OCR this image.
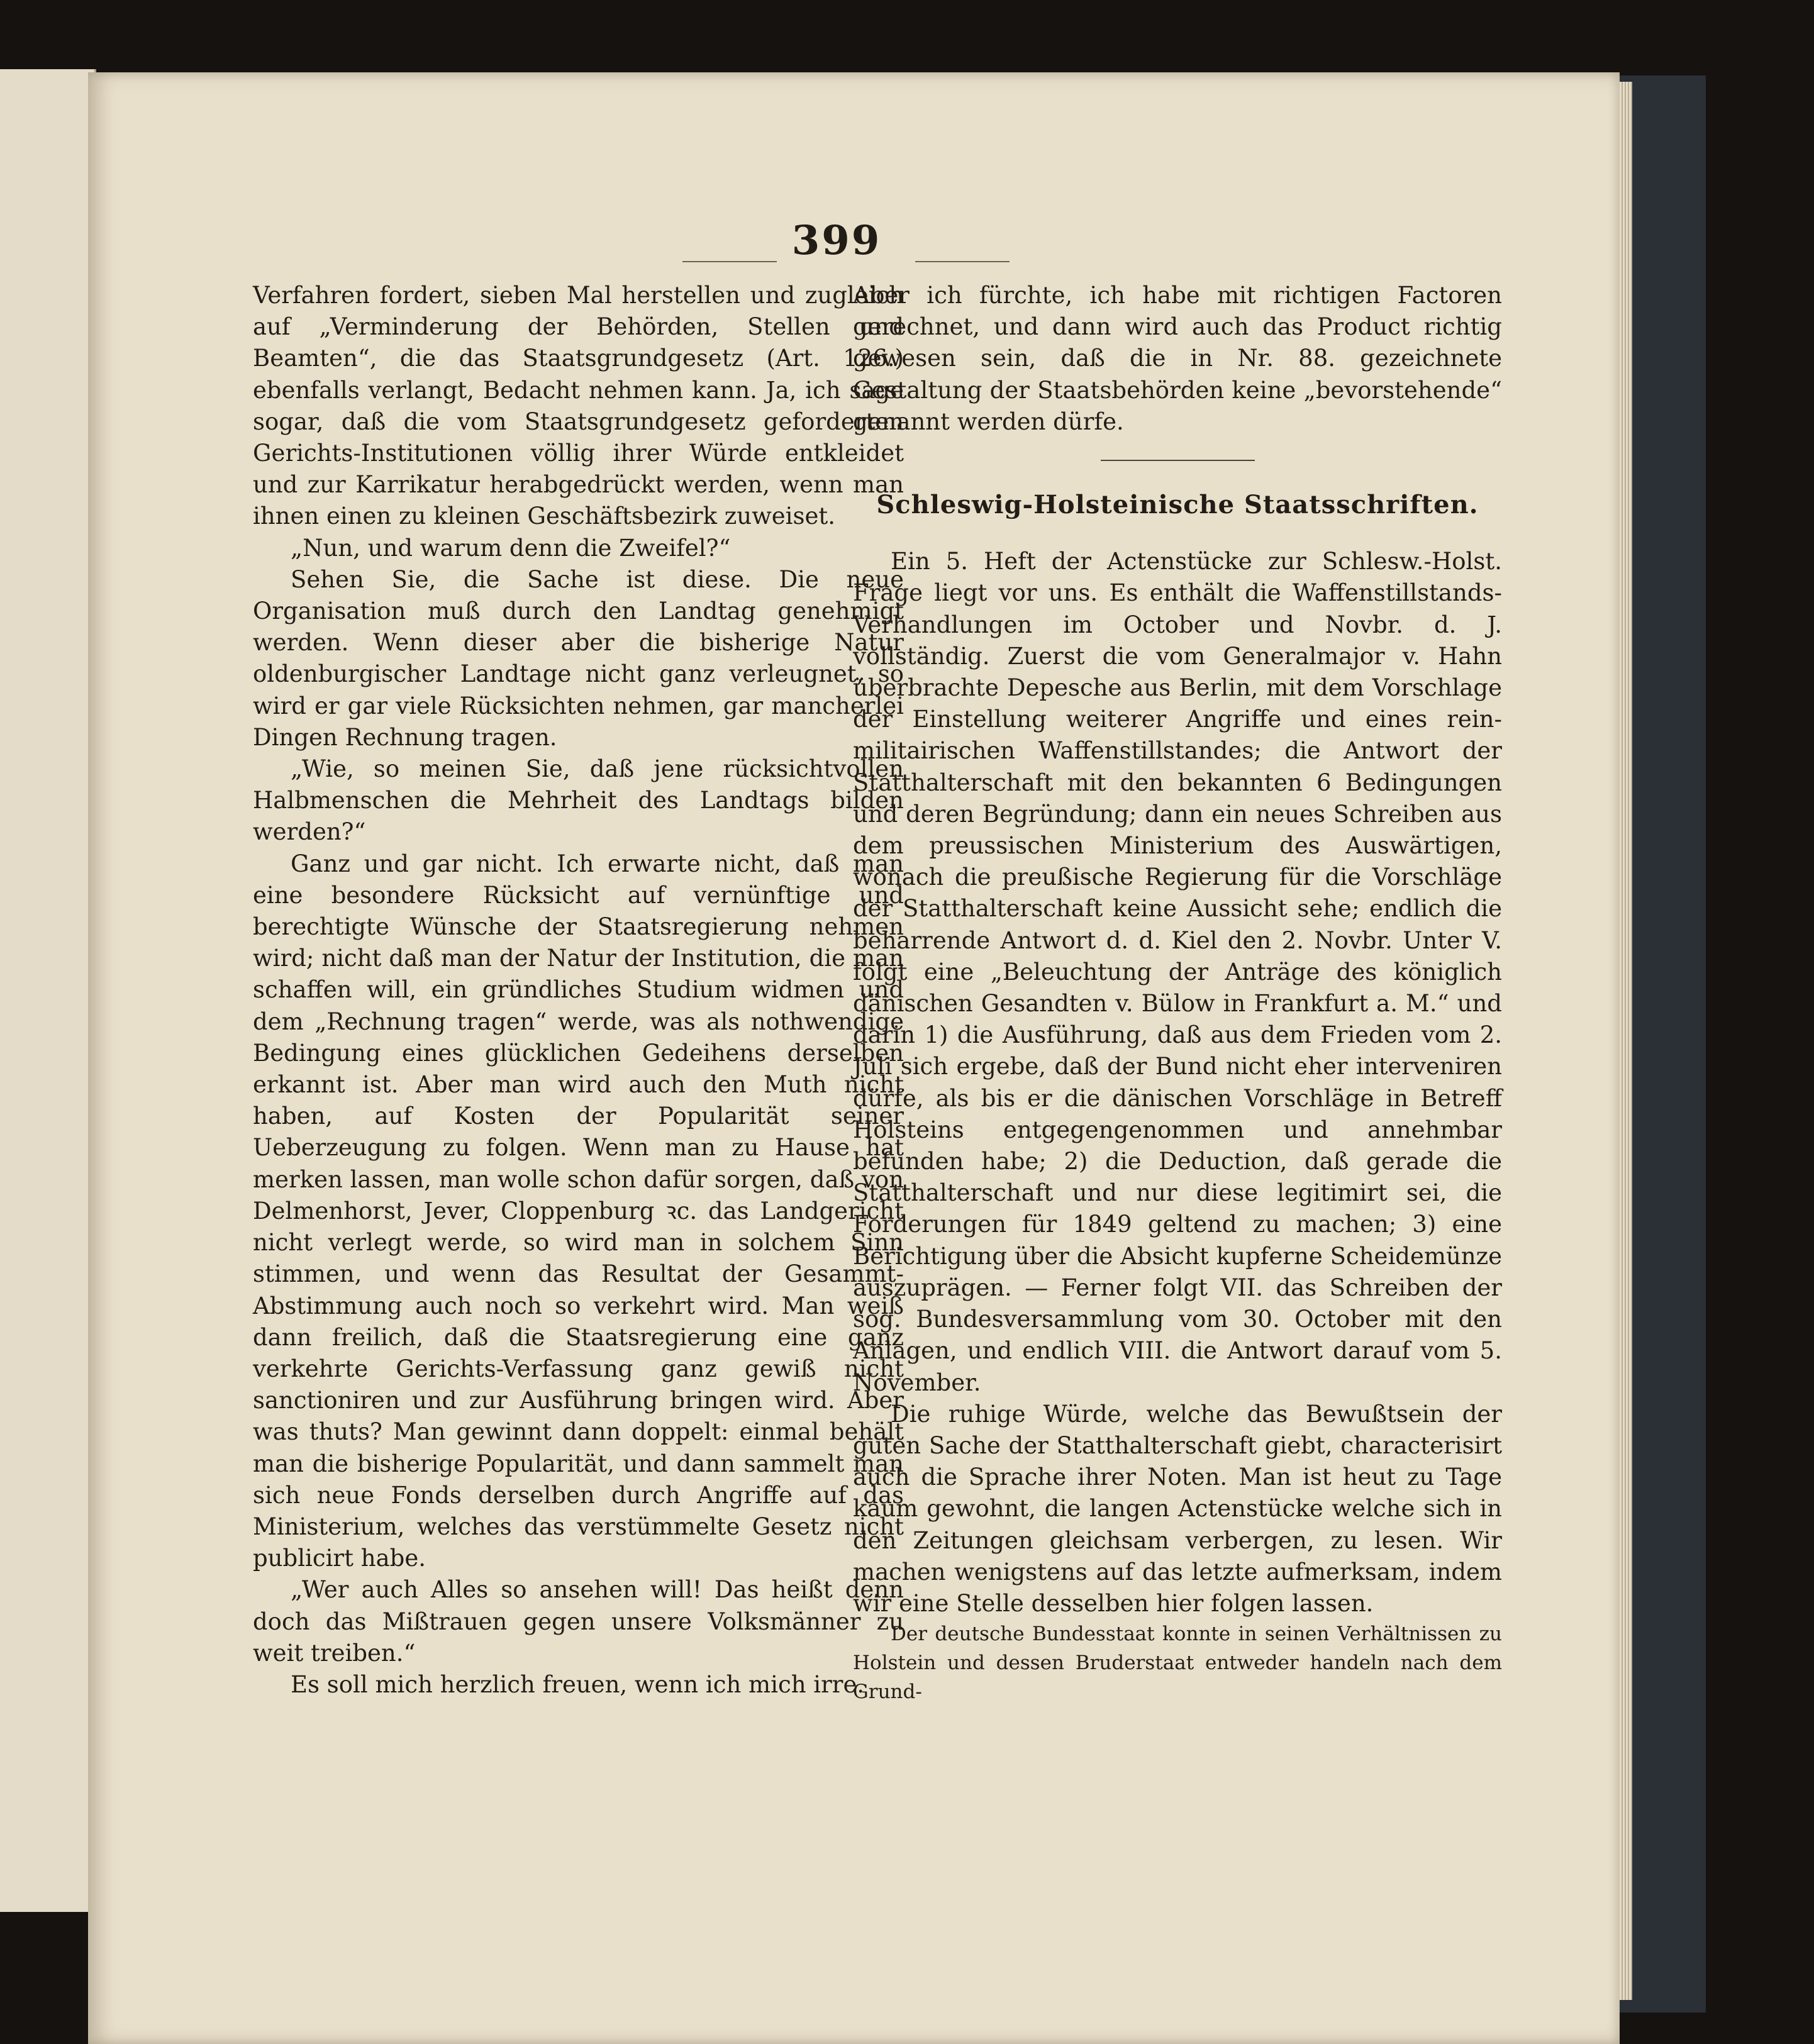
399

Verfahren fordert, sieben Mal herstellen und zugleich auf „Verminderung der Behörden, Stellen und Beamten“, die das Staatsgrundgesetz (Art. 126.) ebenfalls verlangt, Bedacht nehmen kann. Ja, ich sage sogar, daß die vom Staatsgrundgesetz geforderten Gerichts-Institutionen völlig ihrer Würde entkleidet und zur Karrikatur herabgedrückt werden, wenn man ihnen einen zu kleinen Geschäftsbezirk zuweiset.

„Nun, und warum denn die Zweifel?“

Sehen Sie, die Sache ist diese. Die neue Organisation muß durch den Landtag genehmigt werden. Wenn dieser aber die bisherige Natur oldenburgischer Landtage nicht ganz verleugnet, so wird er gar viele Rücksichten nehmen, gar mancherlei Dingen Rechnung tragen.

„Wie, so meinen Sie, daß jene rücksichtvollen Halbmenschen die Mehrheit des Landtags bilden werden?“

Ganz und gar nicht. Ich erwarte nicht, daß man eine besondere Rücksicht auf vernünftige und berechtigte Wünsche der Staatsregierung nehmen wird; nicht daß man der Natur der Institution, die man schaffen will, ein gründliches Studium widmen und dem „Rechnung tragen“ werde, was als nothwendige Bedingung eines glücklichen Gedeihens derselben erkannt ist. Aber man wird auch den Muth nicht haben, auf Kosten der Popularität seiner Ueberzeugung zu folgen. Wenn man zu Hause hat merken lassen, man wolle schon dafür sorgen, daß von Delmenhorst, Jever, Cloppenburg ꝛc. das Landgericht nicht verlegt werde, so wird man in solchem Sinn stimmen, und wenn das Resultat der Gesammt-Abstimmung auch noch so verkehrt wird. Man weiß dann freilich, daß die Staatsregierung eine ganz verkehrte Gerichts-Verfassung ganz gewiß nicht sanctioniren und zur Ausführung bringen wird. Aber was thuts? Man gewinnt dann doppelt: einmal behält man die bisherige Popularität, und dann sammelt man sich neue Fonds derselben durch Angriffe auf das Ministerium, welches das verstümmelte Gesetz nicht publicirt habe.

„Wer auch Alles so ansehen will! Das heißt denn doch das Mißtrauen gegen unsere Volksmänner zu weit treiben.“

Es soll mich herzlich freuen, wenn ich mich irre.

Aber ich fürchte, ich habe mit richtigen Factoren gerechnet, und dann wird auch das Product richtig gewesen sein, daß die in Nr. 88. gezeichnete Gestaltung der Staatsbehörden keine „bevorstehende“ genannt werden dürfe.

Schleswig-Holsteinische Staatsschriften.

Ein 5. Heft der Actenstücke zur Schlesw.-Holst. Frage liegt vor uns. Es enthält die Waffenstillstands-Verhandlungen im October und Novbr. d. J. vollständig. Zuerst die vom Generalmajor v. Hahn überbrachte Depesche aus Berlin, mit dem Vorschlage der Einstellung weiterer Angriffe und eines rein-militairischen Waffenstillstandes; die Antwort der Statthalterschaft mit den bekannten 6 Bedingungen und deren Begründung; dann ein neues Schreiben aus dem preussischen Ministerium des Auswärtigen, wonach die preußische Regierung für die Vorschläge der Statthalterschaft keine Aussicht sehe; endlich die beharrende Antwort d. d. Kiel den 2. Novbr. Unter V. folgt eine „Beleuchtung der Anträge des königlich dänischen Gesandten v. Bülow in Frankfurt a. M.“ und darin 1) die Ausführung, daß aus dem Frieden vom 2. Juli sich ergebe, daß der Bund nicht eher interveniren dürfe, als bis er die dänischen Vorschläge in Betreff Holsteins entgegengenommen und annehmbar befunden habe; 2) die Deduction, daß gerade die Statthalterschaft und nur diese legitimirt sei, die Forderungen für 1849 geltend zu machen; 3) eine Berichtigung über die Absicht kupferne Scheidemünze auszuprägen. — Ferner folgt VII. das Schreiben der sog. Bundesversammlung vom 30. October mit den Anlagen, und endlich VIII. die Antwort darauf vom 5. November.

Die ruhige Würde, welche das Bewußtsein der guten Sache der Statthalterschaft giebt, characterisirt auch die Sprache ihrer Noten. Man ist heut zu Tage kaum gewohnt, die langen Actenstücke welche sich in den Zeitungen gleichsam verbergen, zu lesen. Wir machen wenigstens auf das letzte aufmerksam, indem wir eine Stelle desselben hier folgen lassen.

Der deutsche Bundesstaat konnte in seinen Verhältnissen zu Holstein und dessen Bruderstaat entweder handeln nach dem Grund-
